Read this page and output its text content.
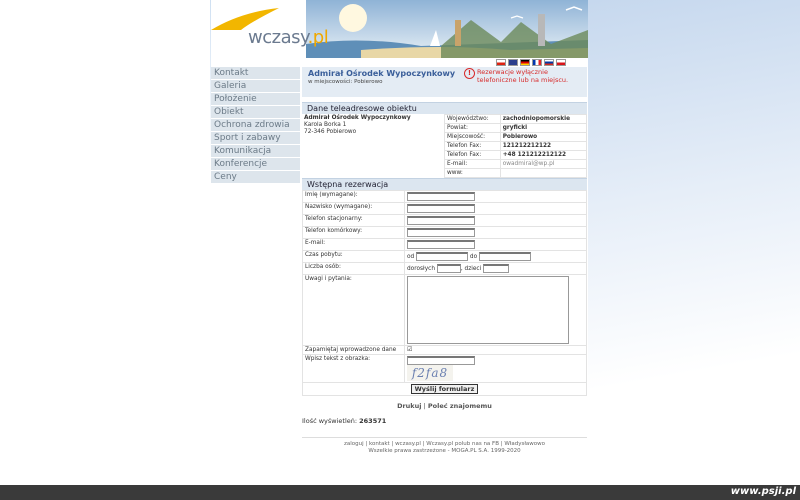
wczasy.pl
Kontakt
Galeria
Położenie
Obiekt
Ochrona zdrowia
Sport i zabawy
Komunikacja
Konferencje
Ceny
Admirał Ośrodek Wypoczynkowy
w miejscowości: Pobierowo
! Rezerwacje wyłącznie telefoniczne lub na miejscu.
Dane teleadresowe obiektu
Admirał Ośrodek Wypoczynkowy
Karola Borka 1
72-346 Pobierowo
Województwo:	zachodniopomorskie
Powiat:	gryficki
Miejscowość:	Pobierowo
Telefon Fax:	121212212122
Telefon Fax:	+48 121212212122
E-mail:	owadmiral@wp.pl
www:	
Wstępna rezerwacja
Imię (wymagane):	
Nazwisko (wymagane):	
Telefon stacjonarny:	
Telefon komórkowy:	
E-mail:	
Czas pobytu:	od do
Liczba osób:	dorosłych , dzieci
Uwagi i pytania:	

Zapamiętaj wprowadzone dane	☑
Wpisz tekst z obrazka:	f2fa8
Wyślij formularz	
Drukuj | Poleć znajomemu
Ilość wyświetleń: 263571
zaloguj | kontakt | wczasy.pl | Wczasy.pl polub nas na FB | Władysławowo
Wszelkie prawa zastrzeżone - MOGA.PL S.A. 1999-2020
www.psji.pl
